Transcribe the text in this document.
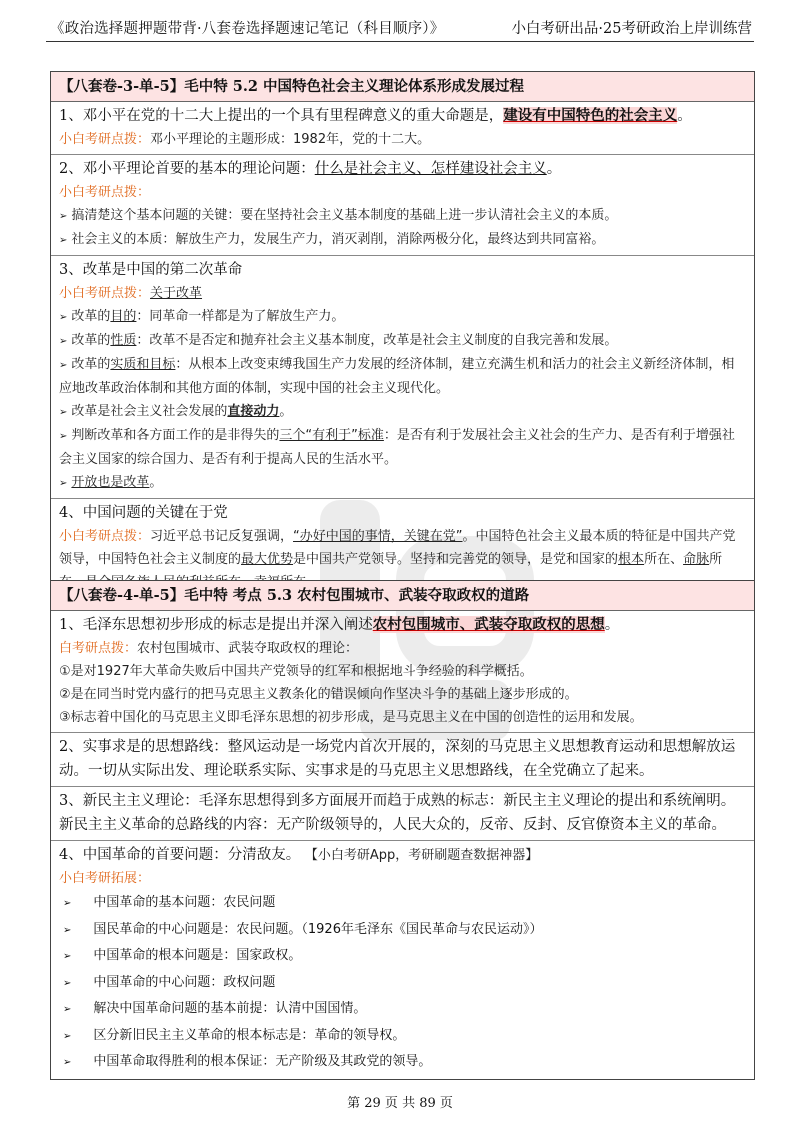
《政治选择题押题带背·八套卷选择题速记笔记（科目顺序）》	小白考研出品·25考研政治上岸训练营
【八套卷-3-单-5】毛中特 5.2 中国特色社会主义理论体系形成发展过程
1、邓小平在党的十二大上提出的一个具有里程碑意义的重大命题是，建设有中国特色的社会主义。
小白考研点拨：邓小平理论的主题形成：1982年，党的十二大。
2、邓小平理论首要的基本的理论问题：什么是社会主义、怎样建设社会主义。
小白考研点拨：
➢ 搞清楚这个基本问题的关键：要在坚持社会主义基本制度的基础上进一步认清社会主义的本质。
➢ 社会主义的本质：解放生产力，发展生产力，消灭剥削，消除两极分化，最终达到共同富裕。
3、改革是中国的第二次革命
小白考研点拨：关于改革
➢ 改革的目的：同革命一样都是为了解放生产力。
➢ 改革的性质：改革不是否定和抛弃社会主义基本制度，改革是社会主义制度的自我完善和发展。
➢ 改革的实质和目标：从根本上改变束缚我国生产力发展的经济体制，建立充满生机和活力的社会主义新经济体制，相应地改革政治体制和其他方面的体制，实现中国的社会主义现代化。
➢ 改革是社会主义社会发展的直接动力。
➢ 判断改革和各方面工作的是非得失的三个“有利于”标准：是否有利于发展社会主义社会的生产力、是否有利于增强社会主义国家的综合国力、是否有利于提高人民的生活水平。
➢ 开放也是改革。
4、中国问题的关键在于党
小白考研点拨：习近平总书记反复强调，“办好中国的事情，关键在党”。中国特色社会主义最本质的特征是中国共产党领导，中国特色社会主义制度的最大优势是中国共产党领导。坚持和完善党的领导，是党和国家的根本所在、命脉所
【八套卷-4-单-5】毛中特 考点 5.3 农村包围城市、武装夺取政权的道路
1、毛泽东思想初步形成的标志是提出并深入阐述农村包围城市、武装夺取政权的思想。
白考研点拨：农村包围城市、武装夺取政权的理论：
①是对1927年大革命失败后中国共产党领导的红军和根据地斗争经验的科学概括。
②是在同当时党内盛行的把马克思主义教条化的错误倾向作坚决斗争的基础上逐步形成的。
③标志着中国化的马克思主义即毛泽东思想的初步形成，是马克思主义在中国的创造性的运用和发展。
2、实事求是的思想路线：整风运动是一场党内首次开展的，深刻的马克思主义思想教育运动和思想解放运动。一切从实际出发、理论联系实际、实事求是的马克思主义思想路线，在全党确立了起来。
3、新民主主义理论：毛泽东思想得到多方面展开而趋于成熟的标志：新民主主义理论的提出和系统阐明。新民主主义革命的总路线的内容：无产阶级领导的，人民大众的，反帝、反封、反官僚资本主义的革命。
4、中国革命的首要问题：分清敌友。 【小白考研App，考研刷题查数据神器】
小白考研拓展：
➢ 中国革命的基本问题：农民问题
➢ 国民革命的中心问题是：农民问题。（1926年毛泽东《国民革命与农民运动》）
➢ 中国革命的根本问题是：国家政权。
➢ 中国革命的中心问题：政权问题
➢ 解决中国革命问题的基本前提：认清中国国情。
➢ 区分新旧民主主义革命的根本标志是：革命的领导权。
➢ 中国革命取得胜利的根本保证：无产阶级及其政党的领导。
第 29 页 共 89 页
